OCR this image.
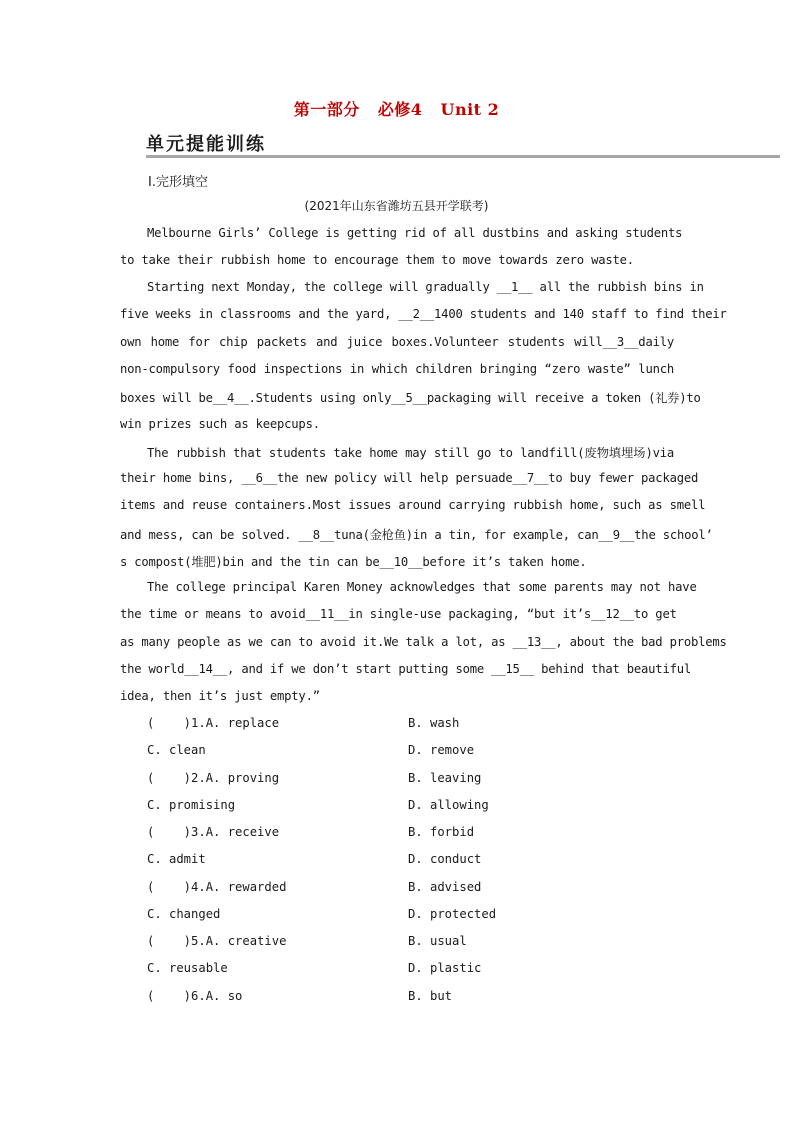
第一部分 必修4 Unit 2
单元提能训练
Ⅰ.完形填空
(2021年山东省潍坊五县开学联考)
Melbourne Girls’ College is getting rid of all dustbins and asking students
to take their rubbish home to encourage them to move towards zero waste.
Starting next Monday, the college will gradually __1__ all the rubbish bins in
five weeks in classrooms and the yard, __2__1400 students and 140 staff to find their
own home for chip packets and juice boxes.Volunteer students will__3__daily
non-compulsory food inspections in which children bringing “zero waste” lunch
boxes will be__4__.Students using only__5__packaging will receive a token (礼券)to
win prizes such as keepcups.
The rubbish that students take home may still go to landfill(废物填埋场)via
their home bins, __6__the new policy will help persuade__7__to buy fewer packaged
items and reuse containers.Most issues around carrying rubbish home, such as smell
and mess, can be solved. __8__tuna(金枪鱼)in a tin, for example, can__9__the school’
s compost(堆肥)bin and the tin can be__10__before it’s taken home.
The college principal Karen Money acknowledges that some parents may not have
the time or means to avoid__11__in single-use packaging, “but it’s__12__to get
as many people as we can to avoid it.We talk a lot, as __13__, about the bad problems
the world__14__, and if we don’t start putting some __15__ behind that beautiful
idea, then it’s just empty.”
(    )1.A. replace	B. wash
C. clean	D. remove
(    )2.A. proving	B. leaving
C. promising	D. allowing
(    )3.A. receive	B. forbid
C. admit	D. conduct
(    )4.A. rewarded	B. advised
C. changed	D. protected
(    )5.A. creative	B. usual
C. reusable	D. plastic
(    )6.A. so	B. but
